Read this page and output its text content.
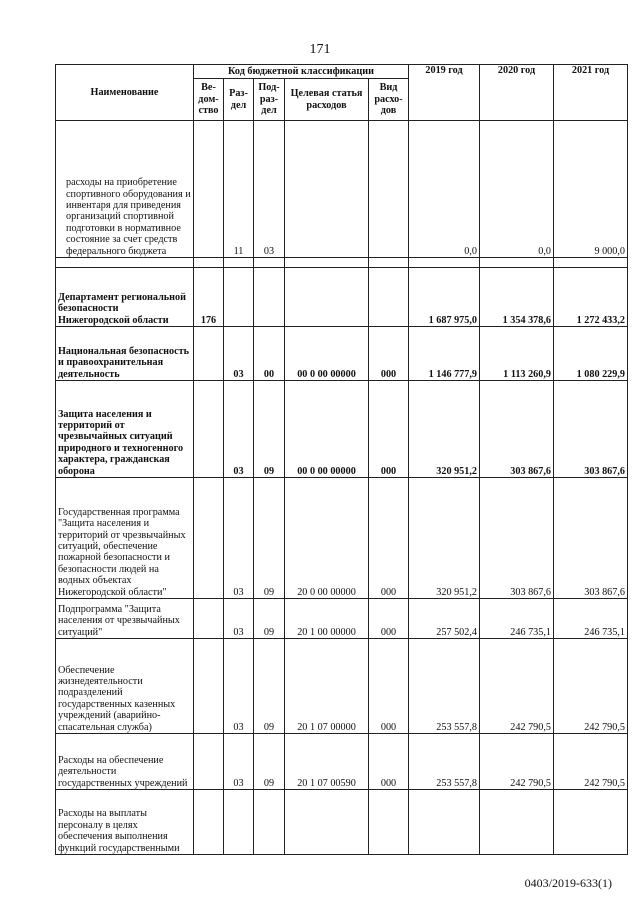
171
Наименование	Код бюджетной классификации					2019 год	2020 год	2021 год
	Ве-дом-ство	Раз-дел	Под-раз-дел	Целевая статья расходов	Вид расхо-дов			
расходы на приобретение спортивного оборудования и инвентаря для приведения организаций спортивной подготовки в нормативное состояние за счет средств федерального бюджета		11	03			0,0	0,0	9 000,0

Департамент региональной безопасности Нижегородской области	176					1 687 975,0	1 354 378,6	1 272 433,2
Национальная безопасность и правоохранительная деятельность		03	00	00 0 00 00000	000	1 146 777,9	1 113 260,9	1 080 229,9
Защита населения и территорий от чрезвычайных ситуаций природного и техногенного характера, гражданская оборона		03	09	00 0 00 00000	000	320 951,2	303 867,6	303 867,6
Государственная программа "Защита населения и территорий от чрезвычайных ситуаций, обеспечение пожарной безопасности и безопасности людей на водных объектах Нижегородской области"		03	09	20 0 00 00000	000	320 951,2	303 867,6	303 867,6
Подпрограмма "Защита населения от чрезвычайных ситуаций"		03	09	20 1 00 00000	000	257 502,4	246 735,1	246 735,1
Обеспечение жизнедеятельности подразделений государственных казенных учреждений (аварийно-спасательная служба)		03	09	20 1 07 00000	000	253 557,8	242 790,5	242 790,5
Расходы на обеспечение деятельности государственных учреждений		03	09	20 1 07 00590	000	253 557,8	242 790,5	242 790,5
Расходы на выплаты персоналу в целях обеспечения выполнения функций государственными								
0403/2019-633(1)
